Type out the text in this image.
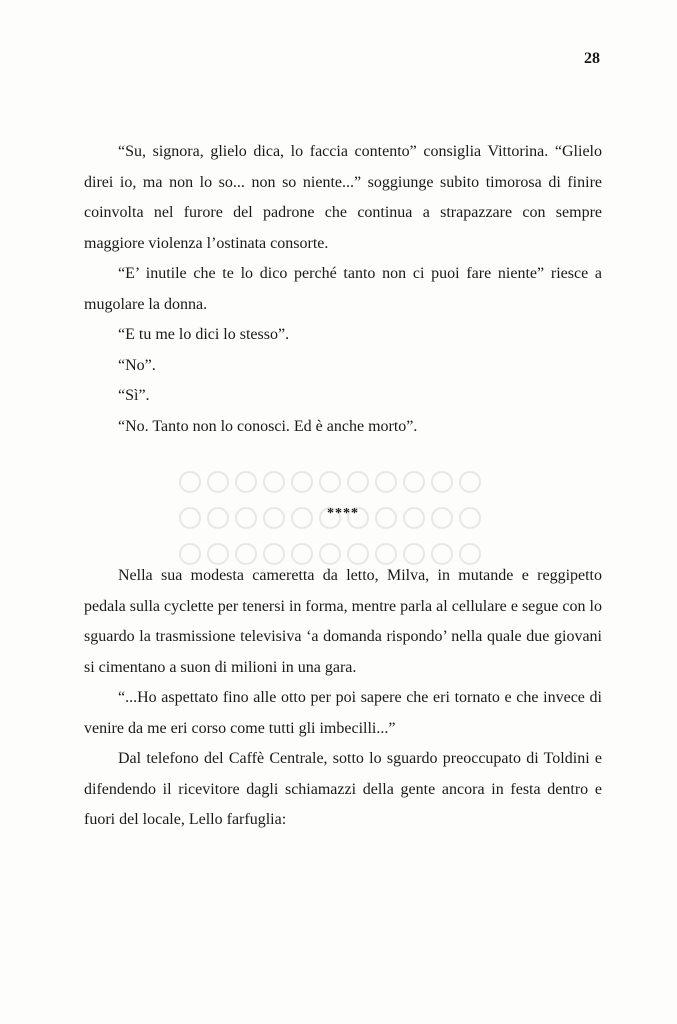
28

“Su, signora, glielo dica, lo faccia contento” consiglia Vittorina. “Glielo direi io, ma non lo so... non so niente...” soggiunge subito timorosa di finire coinvolta nel furore del padrone che continua a strapazzare con sempre maggiore violenza l’ostinata consorte.

“E’ inutile che te lo dico perché tanto non ci puoi fare niente” riesce a mugolare la donna.

“E tu me lo dici lo stesso”.

“No”.

“Sì”.

“No. Tanto non lo conosci. Ed è anche morto”.

****

Nella sua modesta cameretta da letto, Milva, in mutande e reggipetto pedala sulla cyclette per tenersi in forma, mentre parla al cellulare e segue con lo sguardo la trasmissione televisiva ‘a domanda rispondo’ nella quale due giovani si cimentano a suon di milioni in una gara.

“...Ho aspettato fino alle otto per poi sapere che eri tornato e che invece di venire da me eri corso come tutti gli imbecilli...”

Dal telefono del Caffè Centrale, sotto lo sguardo preoccupato di Toldini e difendendo il ricevitore dagli schiamazzi della gente ancora in festa dentro e fuori del locale, Lello farfuglia:
